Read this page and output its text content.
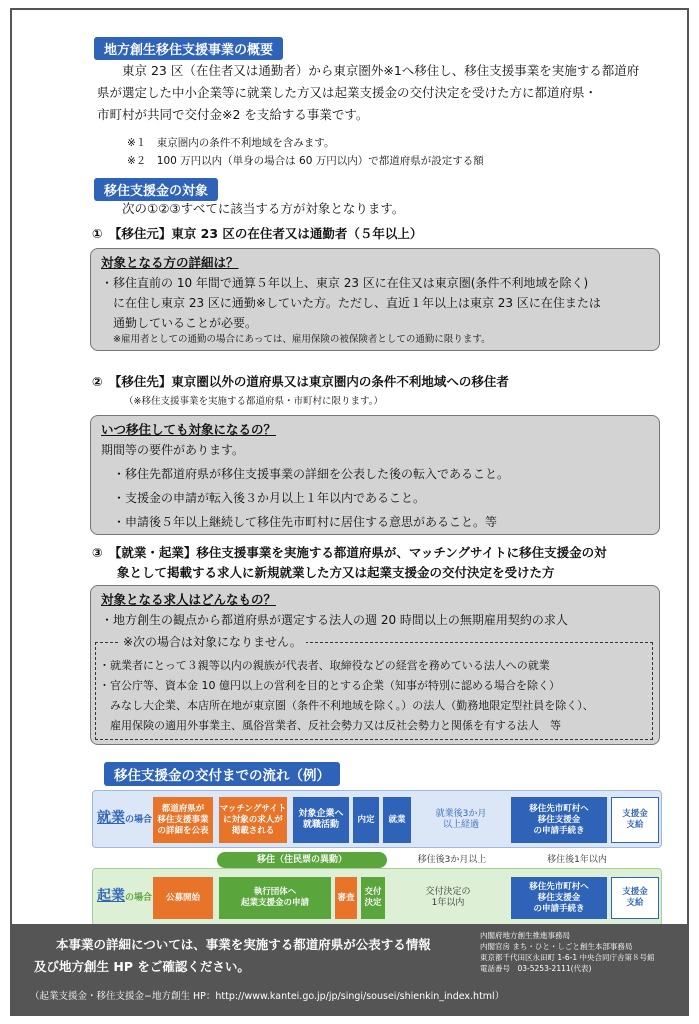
地方創生移住支援事業の概要
東京 23 区（在住者又は通勤者）から東京圏外※1へ移住し、移住支援事業を実施する都道府
県が選定した中小企業等に就業した方又は起業支援金の交付決定を受けた方に都道府県・
市町村が共同で交付金※2 を支給する事業です。
※１　東京圏内の条件不利地域を含みます。
※２　100 万円以内（単身の場合は 60 万円以内）で都道府県が設定する額
移住支援金の対象
次の①②③すべてに該当する方が対象となります。
①　【移住元】東京 23 区の在住者又は通勤者（５年以上）
対象となる方の詳細は？
・移住直前の 10 年間で通算５年以上、東京 23 区に在住又は東京圏(条件不利地域を除く)
　に在住し東京 23 区に通勤※していた方。ただし、直近１年以上は東京 23 区に在住または
　通勤していることが必要。
※雇用者としての通勤の場合にあっては、雇用保険の被保険者としての通勤に限ります。
②　【移住先】東京圏以外の道府県又は東京圏内の条件不利地域への移住者
（※移住支援事業を実施する都道府県・市町村に限ります。）
いつ移住しても対象になるの？
期間等の要件があります。
・移住先都道府県が移住支援事業の詳細を公表した後の転入であること。
・支援金の申請が転入後３か月以上１年以内であること。
・申請後５年以上継続して移住先市町村に居住する意思があること。等
③　【就業・起業】移住支援事業を実施する都道府県が、マッチングサイトに移住支援金の対
　　象として掲載する求人に新規就業した方又は起業支援金の交付決定を受けた方
対象となる求人はどんなもの？
・地方創生の観点から都道府県が選定する法人の週 20 時間以上の無期雇用契約の求人
※次の場合は対象になりません。
・就業者にとって３親等以内の親族が代表者、取締役などの経営を務めている法人への就業
・官公庁等、資本金 10 億円以上の営利を目的とする企業（知事が特別に認める場合を除く）
　みなし大企業、本店所在地が東京圏（条件不利地域を除く。）の法人（勤務地限定型社員を除く）、
　雇用保険の適用外事業主、風俗営業者、反社会勢力又は反社会勢力と関係を有する法人　等
移住支援金の交付までの流れ（例）
就業の場合
都道府県が
移住支援事業
の詳細を公表
マッチングサイト
に対象の求人が
掲載される
対象企業へ
就職活動
内定	就業
就業後3か月
以上経過
移住先市町村へ
移住支援金
の申請手続き
支援金
支給
移住（住民票の異動）	移住後3か月以上	移住後1年以内
起業の場合	公募開始
執行団体へ
起業支援金の申請
審査
交付
決定
交付決定の
1年以内
移住先市町村へ
移住支援金
の申請手続き
支援金
支給
本事業の詳細については、事業を実施する都道府県が公表する情報
及び地方創生 HP をご確認ください。
内閣府地方創生推進事務局
内閣官房 まち・ひと・しごと創生本部事務局
東京都千代田区永田町 1-6-1 中央合同庁舎第８号館
電話番号　03-5253-2111(代表)
（起業支援金・移住支援金−地方創生 HP：http://www.kantei.go.jp/jp/singi/sousei/shienkin_index.html）
